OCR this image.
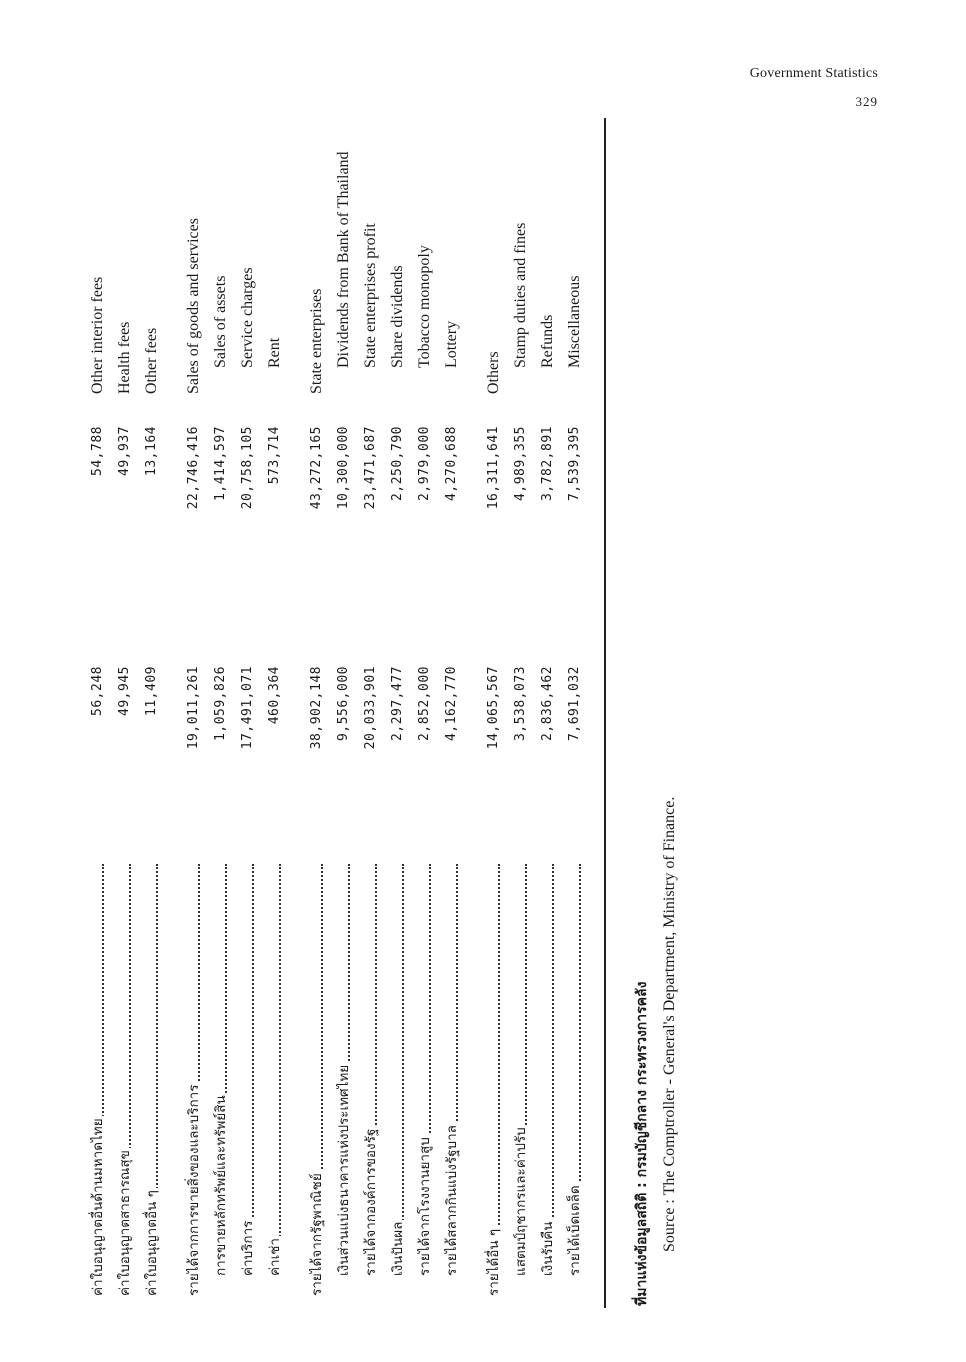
Government Statistics
329
ค่าใบอนุญาตอื่นด้านมหาดไทย
56,248
54,788
Other interior fees
ค่าใบอนุญาตสาธารณสุข
49,945
49,937
Health fees
ค่าใบอนุญาตอื่น ๆ
11,409
13,164
Other fees
รายได้จากการขายสิ่งของและบริการ
19,011,261
22,746,416
Sales of goods and services
การขายหลักทรัพย์และทรัพย์สิน
1,059,826
1,414,597
Sales of assets
ค่าบริการ
17,491,071
20,758,105
Service charges
ค่าเช่า
460,364
573,714
Rent
รายได้จากรัฐพาณิชย์
38,902,148
43,272,165
State enterprises
เงินส่วนแบ่งธนาคารแห่งประเทศไทย
9,556,000
10,300,000
Dividends from Bank of Thailand
รายได้จากองค์การของรัฐ
20,033,901
23,471,687
State enterprises profit
เงินปันผล
2,297,477
2,250,790
Share dividends
รายได้จากโรงงานยาสูบ
2,852,000
2,979,000
Tobacco monopoly
รายได้สลากกินแบ่งรัฐบาล
4,162,770
4,270,688
Lottery
รายได้อื่น ๆ
14,065,567
16,311,641
Others
แสตมป์ฤชากรและค่าปรับ
3,538,073
4,989,355
Stamp duties and fines
เงินรับคืน
2,836,462
3,782,891
Refunds
รายได้เบ็ดเตล็ด
7,691,032
7,539,395
Miscellaneous
ที่มาแห่งข้อมูลสถิติ : กรมบัญชีกลาง กระทรวงการคลัง Source : The Comptroller - General's Department, Ministry of Finance.
